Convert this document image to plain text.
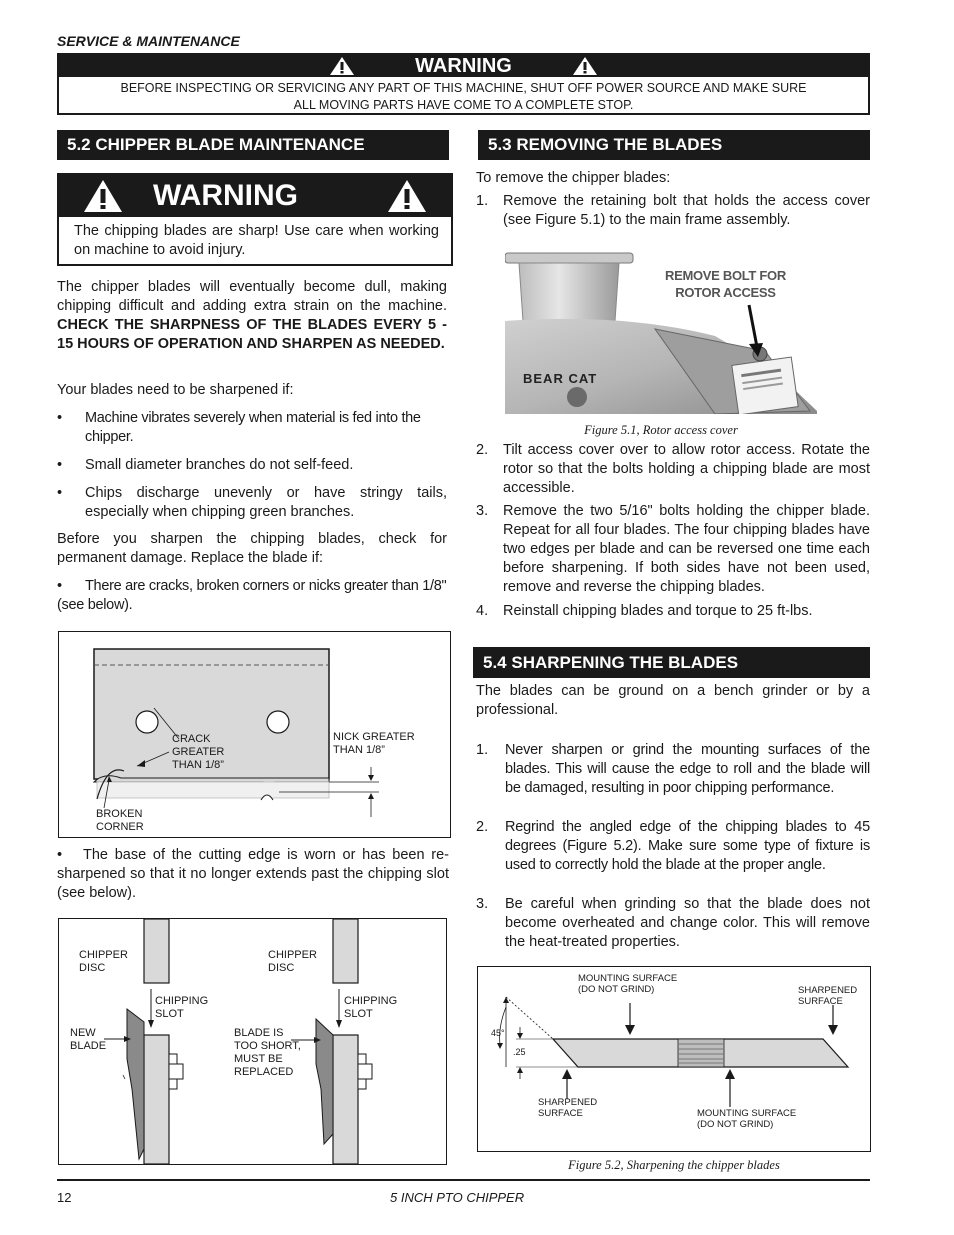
SERVICE & MAINTENANCE
WARNING
BEFORE INSPECTING OR SERVICING ANY PART OF THIS MACHINE, SHUT OFF POWER SOURCE AND MAKE SURE
ALL MOVING PARTS HAVE COME TO A COMPLETE STOP.
5.2 CHIPPER BLADE MAINTENANCE
WARNING
The chipping blades are sharp! Use care when working on machine to avoid injury.
The chipper blades will eventually become dull, making chipping difficult and adding extra strain on the machine. CHECK THE SHARPNESS OF THE BLADES EVERY 5 - 15 HOURS OF OPERATION AND SHARPEN AS NEEDED.
Your blades need to be sharpened if:
• Machine vibrates severely when material is fed into the chipper.
• Small diameter branches do not self-feed.
• Chips discharge unevenly or have stringy tails, especially when chipping green branches.
Before you sharpen the chipping blades, check for permanent damage. Replace the blade if:
• There are cracks, broken corners or nicks greater than 1/8" (see below).
CRACK
GREATER
THAN 1/8”
NICK GREATER
THAN 1/8”
BROKEN
CORNER
• The base of the cutting edge is worn or has been re-sharpened so that it no longer extends past the chipping slot (see below).
CHIPPER
DISC
CHIPPING
SLOT
NEW
BLADE
CHIPPER
DISC
CHIPPING
SLOT
BLADE IS
TOO SHORT,
MUST BE
REPLACED
5.3 REMOVING THE BLADES
To remove the chipper blades:
1. Remove the retaining bolt that holds the access cover (see Figure 5.1) to the main frame assembly.
REMOVE BOLT FOR
ROTOR ACCESS
BEAR CAT
Figure 5.1, Rotor access cover
2. Tilt access cover over to allow rotor access. Rotate the rotor so that the bolts holding a chipping blade are most accessible.
3. Remove the two 5/16" bolts holding the chipper blade. Repeat for all four blades. The four chipping blades have two edges per blade and can be reversed one time each before sharpening. If both sides have not been used, remove and reverse the chipping blades.
4. Reinstall chipping blades and torque to 25 ft-lbs.
5.4 SHARPENING THE BLADES
The blades can be ground on a bench grinder or by a professional.
1. Never sharpen or grind the mounting surfaces of the blades. This will cause the edge to roll and the blade will be damaged, resulting in poor chipping performance.
2. Regrind the angled edge of the chipping blades to 45 degrees (Figure 5.2). Make sure some type of fixture is used to correctly hold the blade at the proper angle.
3. Be careful when grinding so that the blade does not become overheated and change color. This will remove the heat-treated properties.
MOUNTING SURFACE
(DO NOT GRIND)	SHARPENED
SURFACE
45°
.25
SHARPENED
SURFACE	MOUNTING SURFACE
(DO NOT GRIND)
Figure 5.2, Sharpening the chipper blades
12	5 INCH PTO CHIPPER
